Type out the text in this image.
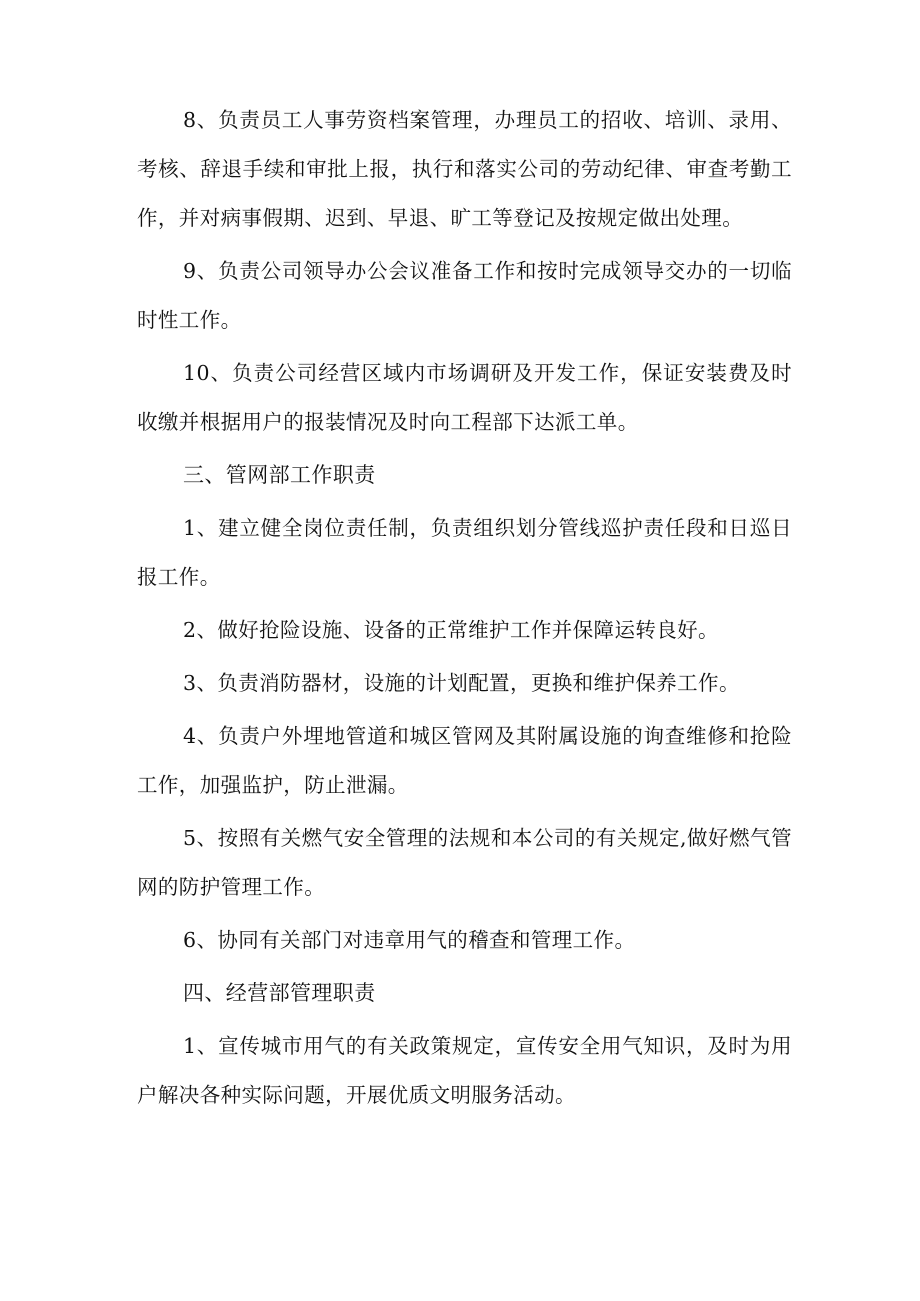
8、负责员工人事劳资档案管理，办理员工的招收、培训、录用、考核、辞退手续和审批上报，执行和落实公司的劳动纪律、审查考勤工作，并对病事假期、迟到、早退、旷工等登记及按规定做出处理。

9、负责公司领导办公会议准备工作和按时完成领导交办的一切临时性工作。

10、负责公司经营区域内市场调研及开发工作，保证安装费及时收缴并根据用户的报装情况及时向工程部下达派工单。

三、管网部工作职责

1、建立健全岗位责任制，负责组织划分管线巡护责任段和日巡日报工作。

2、做好抢险设施、设备的正常维护工作并保障运转良好。

3、负责消防器材，设施的计划配置，更换和维护保养工作。

4、负责户外埋地管道和城区管网及其附属设施的询查维修和抢险工作，加强监护，防止泄漏。

5、按照有关燃气安全管理的法规和本公司的有关规定,做好燃气管网的防护管理工作。

6、协同有关部门对违章用气的稽查和管理工作。

四、经营部管理职责

1、宣传城市用气的有关政策规定，宣传安全用气知识，及时为用户解决各种实际问题，开展优质文明服务活动。
